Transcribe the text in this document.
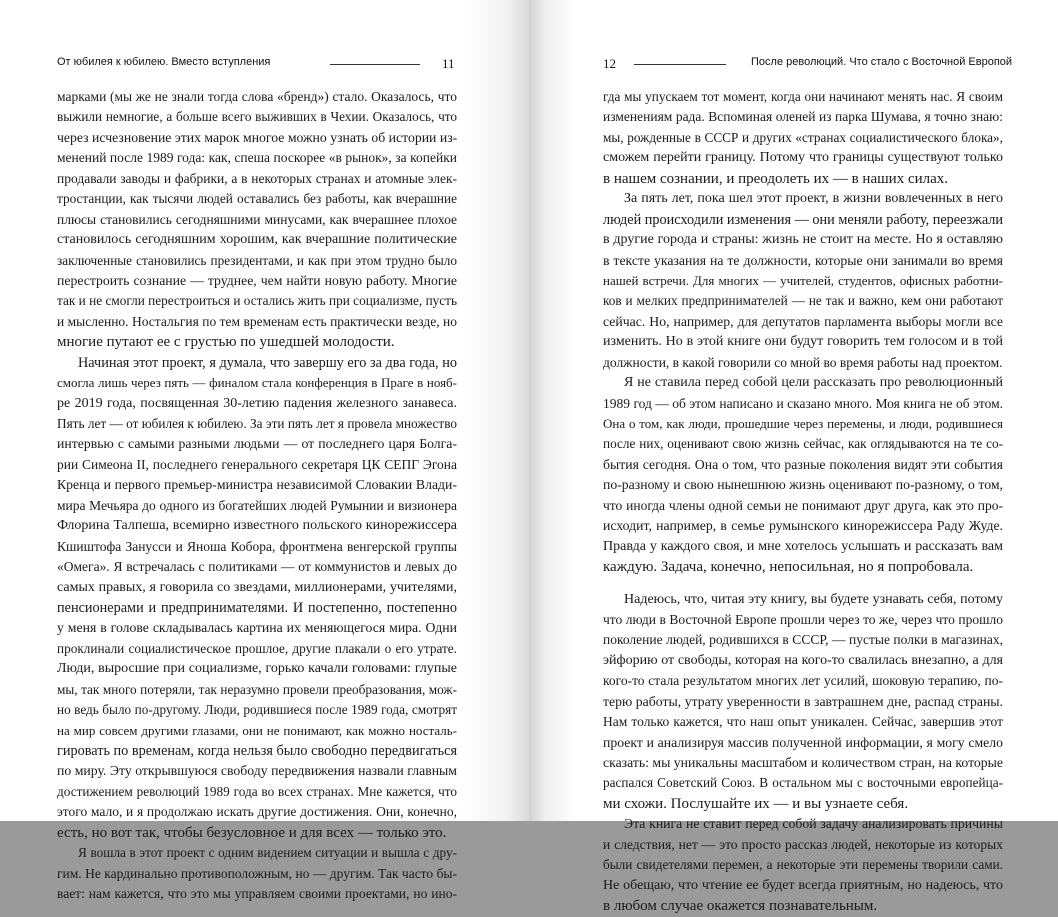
От юбилея к юбилею. Вместо вступления	11
марками (мы же не знали тогда слова «бренд») стало. Оказалось, что
выжили немногие, а больше всего выживших в Чехии. Оказалось, что
через исчезновение этих марок многое можно узнать об истории из-
менений после 1989 года: как, спеша поскорее «в рынок», за копейки
продавали заводы и фабрики, а в некоторых странах и атомные элек-
тростанции, как тысячи людей оставались без работы, как вчерашние
плюсы становились сегодняшними минусами, как вчерашнее плохое
становилось сегодняшним хорошим, как вчерашние политические
заключенные становились президентами, и как при этом трудно было
перестроить сознание — труднее, чем найти новую работу. Многие
так и не смогли перестроиться и остались жить при социализме, пусть
и мысленно. Ностальгия по тем временам есть практически везде, но
многие путают ее с грустью по ушедшей молодости.
Начиная этот проект, я думала, что завершу его за два года, но
смогла лишь через пять — финалом стала конференция в Праге в нояб-
ре 2019 года, посвященная 30-летию падения железного занавеса.
Пять лет — от юбилея к юбилею. За эти пять лет я провела множество
интервью с самыми разными людьми — от последнего царя Болга-
рии Симеона II, последнего генерального секретаря ЦК СЕПГ Эгона
Кренца и первого премьер-министра независимой Словакии Влади-
мира Мечьяра до одного из богатейших людей Румынии и визионера
Флорина Талпеша, всемирно известного польского кинорежиссера
Кшиштофа Занусси и Яноша Кобора, фронтмена венгерской группы
«Омега». Я встречалась с политиками — от коммунистов и левых до
самых правых, я говорила со звездами, миллионерами, учителями,
пенсионерами и предпринимателями. И постепенно, постепенно
у меня в голове складывалась картина их меняющегося мира. Одни
проклинали социалистическое прошлое, другие плакали о его утрате.
Люди, выросшие при социализме, горько качали головами: глупые
мы, так много потеряли, так неразумно провели преобразования, мож-
но ведь было по-другому. Люди, родившиеся после 1989 года, смотрят
на мир совсем другими глазами, они не понимают, как можно носталь-
гировать по временам, когда нельзя было свободно передвигаться
по миру. Эту открывшуюся свободу передвижения назвали главным
достижением революций 1989 года во всех странах. Мне кажется, что
этого мало, и я продолжаю искать другие достижения. Они, конечно,
есть, но вот так, чтобы безусловное и для всех — только это.
Я вошла в этот проект с одним видением ситуации и вышла с дру-
гим. Не кардинально противоположным, но — другим. Так часто бы-
вает: нам кажется, что это мы управляем своими проектами, но ино-
12	После революций. Что стало с Восточной Европой
гда мы упускаем тот момент, когда они начинают менять нас. Я своим
изменениям рада. Вспоминая оленей из парка Шумава, я точно знаю:
мы, рожденные в СССР и других «странах социалистического блока»,
сможем перейти границу. Потому что границы существуют только
в нашем сознании, и преодолеть их — в наших силах.
За пять лет, пока шел этот проект, в жизни вовлеченных в него
людей происходили изменения — они меняли работу, переезжали
в другие города и страны: жизнь не стоит на месте. Но я оставляю
в тексте указания на те должности, которые они занимали во время
нашей встречи. Для многих — учителей, студентов, офисных работни-
ков и мелких предпринимателей — не так и важно, кем они работают
сейчас. Но, например, для депутатов парламента выборы могли все
изменить. Но в этой книге они будут говорить тем голосом и в той
должности, в какой говорили со мной во время работы над проектом.
Я не ставила перед собой цели рассказать про революционный
1989 год — об этом написано и сказано много. Моя книга не об этом.
Она о том, как люди, прошедшие через перемены, и люди, родившиеся
после них, оценивают свою жизнь сейчас, как оглядываются на те со-
бытия сегодня. Она о том, что разные поколения видят эти события
по-разному и свою нынешнюю жизнь оценивают по-разному, о том,
что иногда члены одной семьи не понимают друг друга, как это про-
исходит, например, в семье румынского кинорежиссера Раду Жуде.
Правда у каждого своя, и мне хотелось услышать и рассказать вам
каждую. Задача, конечно, непосильная, но я попробовала.
Надеюсь, что, читая эту книгу, вы будете узнавать себя, потому
что люди в Восточной Европе прошли через то же, через что прошло
поколение людей, родившихся в СССР, — пустые полки в магазинах,
эйфорию от свободы, которая на кого-то свалилась внезапно, а для
кого-то стала результатом многих лет усилий, шоковую терапию, по-
терю работы, утрату уверенности в завтрашнем дне, распад страны.
Нам только кажется, что наш опыт уникален. Сейчас, завершив этот
проект и анализируя массив полученной информации, я могу смело
сказать: мы уникальны масштабом и количеством стран, на которые
распался Советский Союз. В остальном мы с восточными европейца-
ми схожи. Послушайте их — и вы узнаете себя.
Эта книга не ставит перед собой задачу анализировать причины
и следствия, нет — это просто рассказ людей, некоторые из которых
были свидетелями перемен, а некоторые эти перемены творили сами.
Не обещаю, что чтение ее будет всегда приятным, но надеюсь, что
в любом случае окажется познавательным.
